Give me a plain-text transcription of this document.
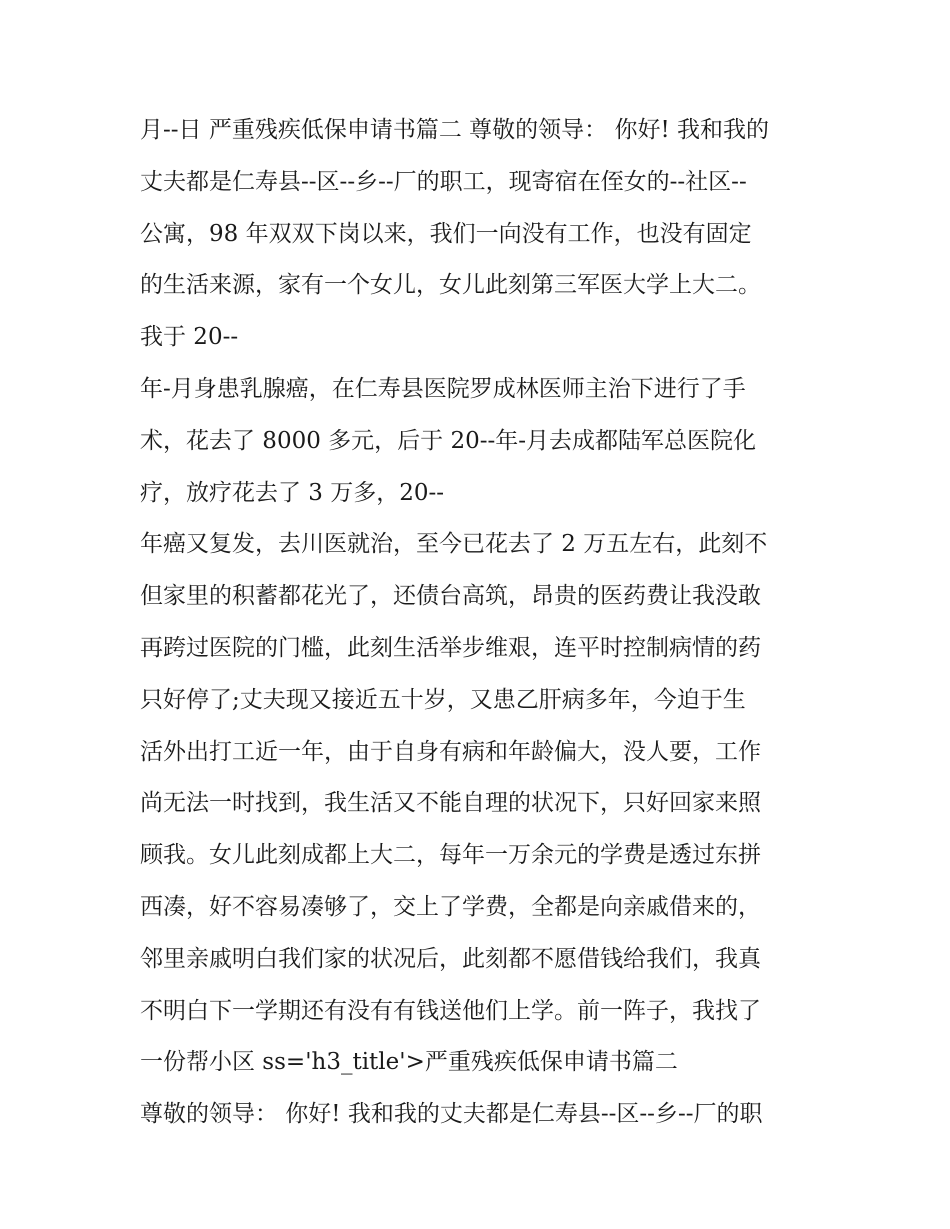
月--日 严重残疾低保申请书篇二 尊敬的领导： 你好! 我和我的
丈夫都是仁寿县--区--乡--厂的职工，现寄宿在侄女的--社区--
公寓，98 年双双下岗以来，我们一向没有工作，也没有固定
的生活来源，家有一个女儿，女儿此刻第三军医大学上大二。
我于 20--
年-月身患乳腺癌，在仁寿县医院罗成林医师主治下进行了手
术，花去了 8000 多元，后于 20--年-月去成都陆军总医院化
疗，放疗花去了 3 万多，20--
年癌又复发，去川医就治，至今已花去了 2 万五左右，此刻不
但家里的积蓄都花光了，还债台高筑，昂贵的医药费让我没敢
再跨过医院的门槛，此刻生活举步维艰，连平时控制病情的药
只好停了;丈夫现又接近五十岁，又患乙肝病多年，今迫于生
活外出打工近一年，由于自身有病和年龄偏大，没人要，工作
尚无法一时找到，我生活又不能自理的状况下，只好回家来照
顾我。女儿此刻成都上大二，每年一万余元的学费是透过东拼
西凑，好不容易凑够了，交上了学费，全都是向亲戚借来的，
邻里亲戚明白我们家的状况后，此刻都不愿借钱给我们，我真
不明白下一学期还有没有有钱送他们上学。前一阵子，我找了
一份帮小区 ss='h3_title'>严重残疾低保申请书篇二
尊敬的领导： 你好! 我和我的丈夫都是仁寿县--区--乡--厂的职
